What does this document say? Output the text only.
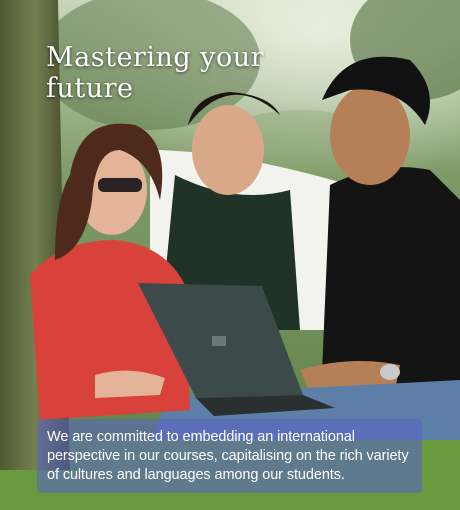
Mastering your
future

We are committed to embedding an international perspective in our courses, capitalising on the rich variety of cultures and languages among our students.
